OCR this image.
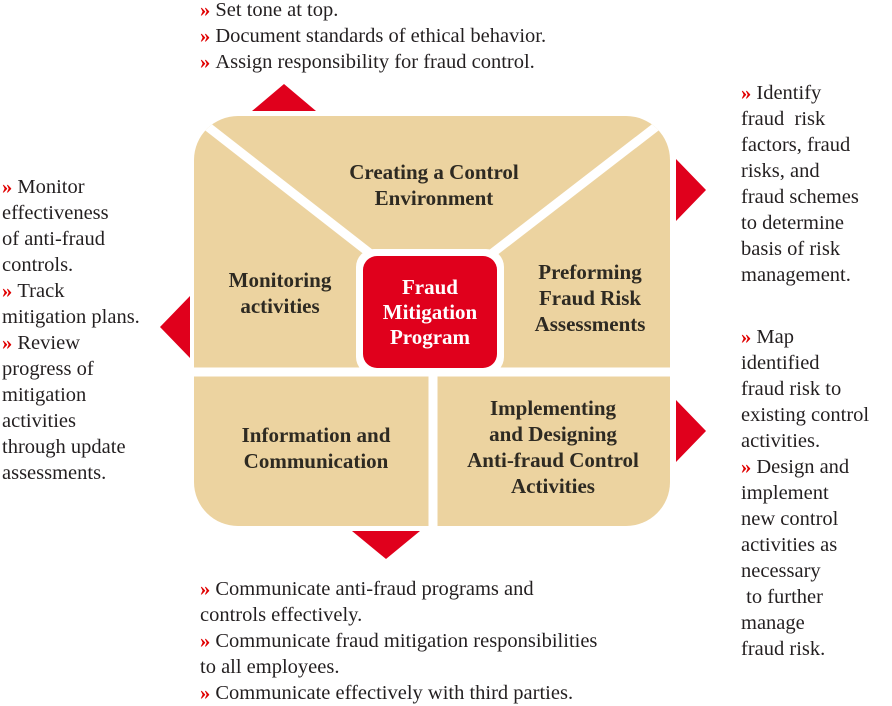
Creating a Control
Environment
Monitoring
activities
Preforming
Fraud Risk
Assessments
Information and
Communication
Implementing
and Designing
Anti-fraud Control
Activities
Fraud
Mitigation
Program
» Set tone at top.
» Document standards of ethical behavior.
» Assign responsibility for fraud control.
» Monitor
effectiveness
of anti-fraud
controls.
» Track
mitigation plans.
» Review
progress of
mitigation
activities
through update
assessments.
» Identify
fraud  risk
factors, fraud
risks, and
fraud schemes
to determine
basis of risk
management.
» Map
identified
fraud risk to
existing control
activities.
» Design and
implement
new control
activities as
necessary
to further
manage
fraud risk.
» Communicate anti-fraud programs and
controls effectively.
» Communicate fraud mitigation responsibilities
to all employees.
» Communicate effectively with third parties.
